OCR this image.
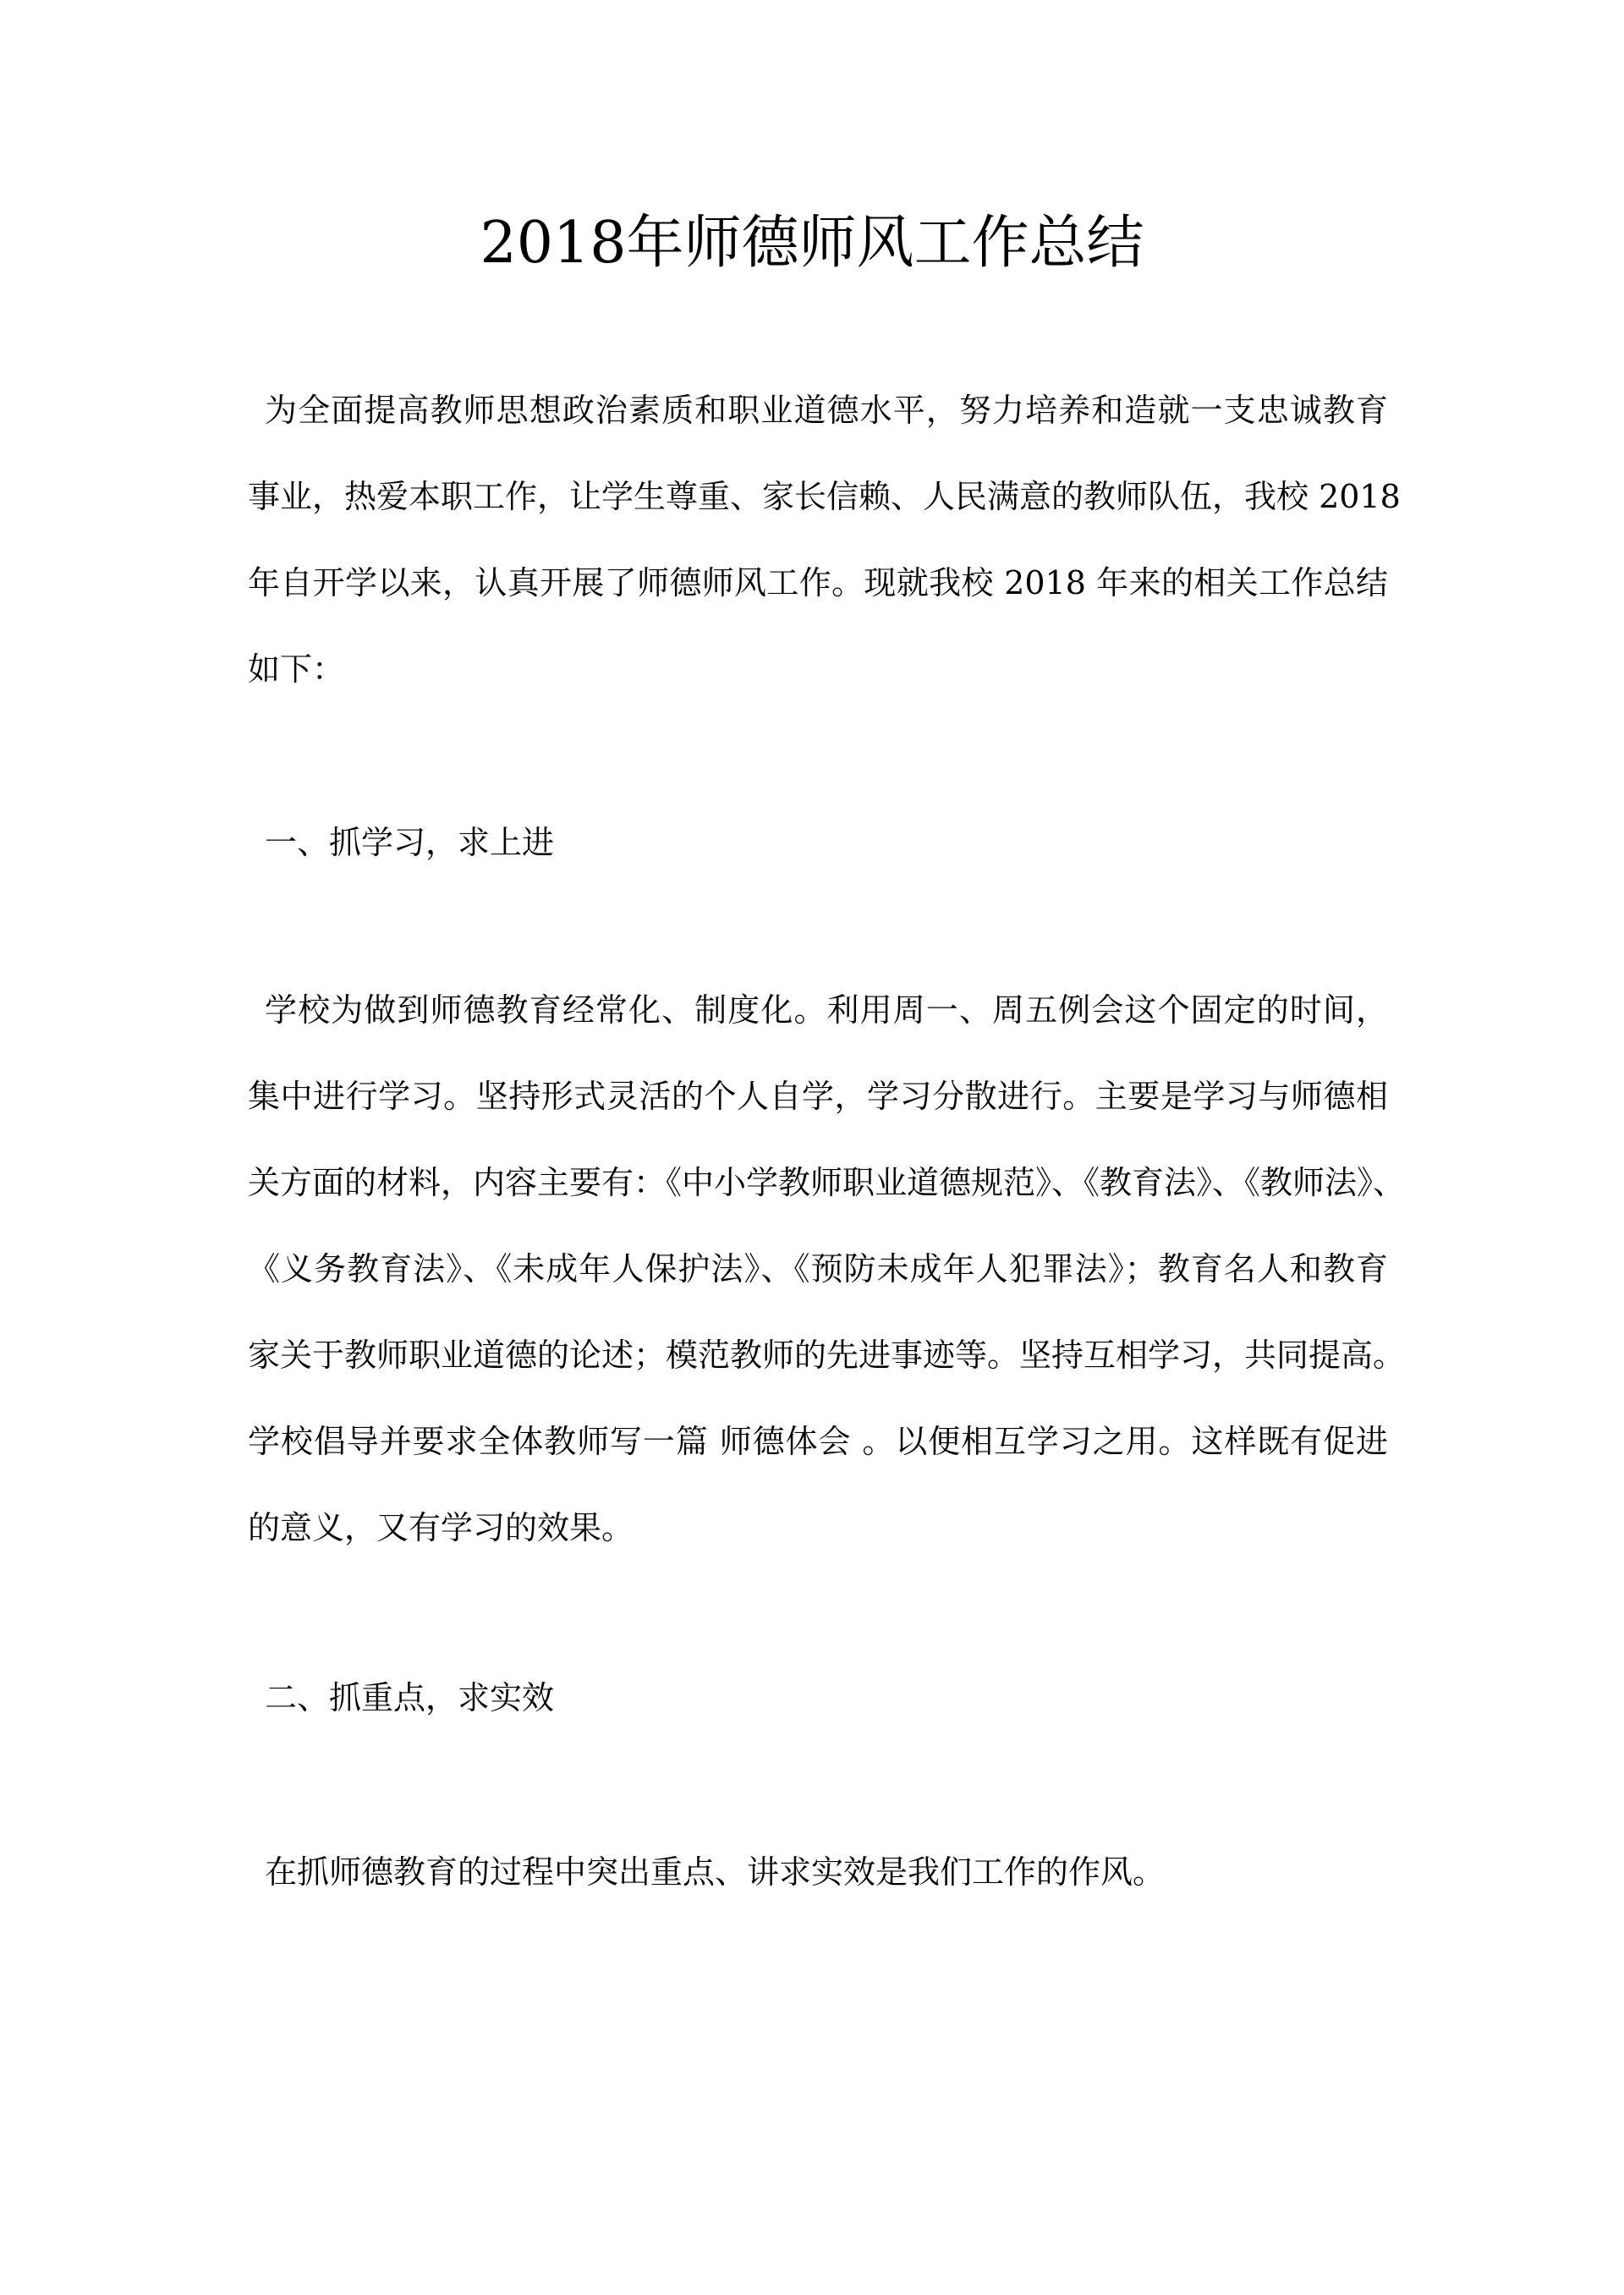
2018年师德师风工作总结
为全面提高教师思想政治素质和职业道德水平，努力培养和造就一支忠诚教育
事业，热爱本职工作，让学生尊重、家长信赖、人民满意的教师队伍，我校 2018
年自开学以来，认真开展了师德师风工作。现就我校 2018 年来的相关工作总结
如下：
一、抓学习，求上进
学校为做到师德教育经常化、制度化。利用周一、周五例会这个固定的时间，
集中进行学习。坚持形式灵活的个人自学，学习分散进行。主要是学习与师德相
关方面的材料，内容主要有：《中小学教师职业道德规范》、《教育法》、《教师法》、
《义务教育法》、《未成年人保护法》、《预防未成年人犯罪法》；教育名人和教育
家关于教师职业道德的论述；模范教师的先进事迹等。坚持互相学习，共同提高。
学校倡导并要求全体教师写一篇 师德体会 。以便相互学习之用。这样既有促进
的意义，又有学习的效果。
二、抓重点，求实效
在抓师德教育的过程中突出重点、讲求实效是我们工作的作风。
